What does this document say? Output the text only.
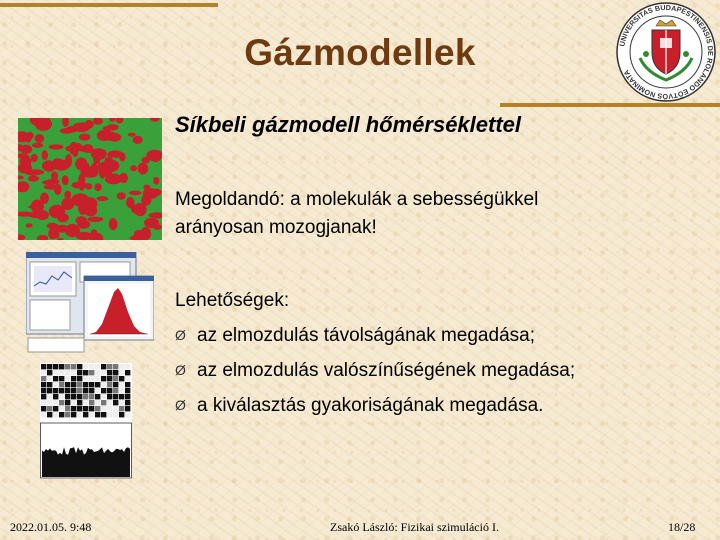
Gázmodellek	UNIVERSITAS BUDAPESTINENSIS DE ROLANDO EÖTVÖS NOMINATA
Síkbeli gázmodell hőmérséklettel
Megoldandó: a molekulák a sebességükkel
arányosan mozogjanak!
Lehetőségek:
Ø az elmozdulás távolságának megadása;
Ø az elmozdulás valószínűségének megadása;
Ø a kiválasztás gyakoriságának megadása.
2022.01.05. 9:48	Zsakó László: Fizikai szimuláció I.	18/28
